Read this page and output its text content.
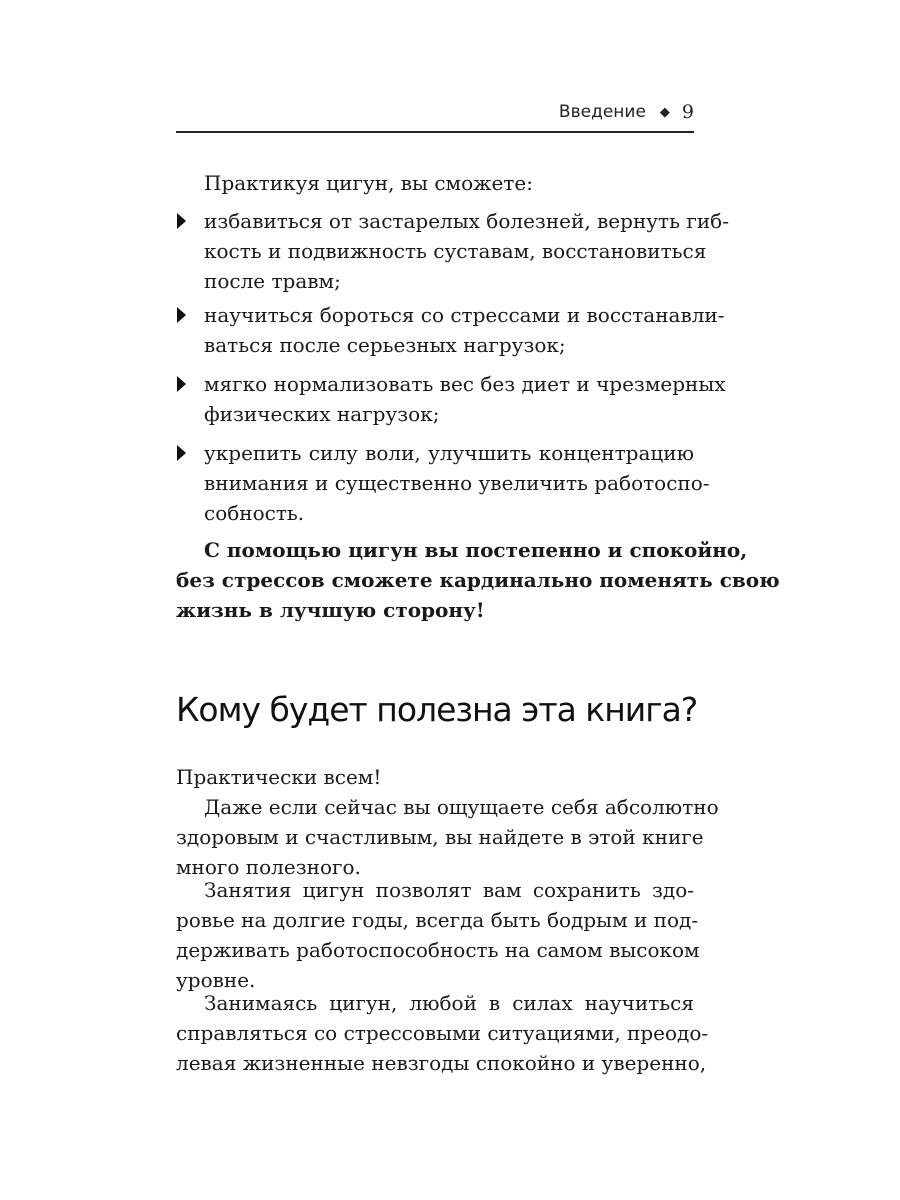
Введение ◆ 9

Практикуя цигун, вы сможете:

избавиться от застарелых болезней, вернуть гиб-
кость и подвижность суставам, восстановиться
после травм;

научиться бороться со стрессами и восстанавли-
ваться после серьезных нагрузок;

мягко нормализовать вес без диет и чрезмерных
физических нагрузок;

укрепить силу воли, улучшить концентрацию
внимания и существенно увеличить работоспо-
собность.

С помощью цигун вы постепенно и спокойно,
без стрессов сможете кардинально поменять свою
жизнь в лучшую сторону!

Кому будет полезна эта книга?

Практически всем!

Даже если сейчас вы ощущаете себя абсолютно
здоровым и счастливым, вы найдете в этой книге
много полезного.

Занятия цигун позволят вам сохранить здо-
ровье на долгие годы, всегда быть бодрым и под-
держивать работоспособность на самом высоком
уровне.

Занимаясь цигун, любой в силах научиться
справляться со стрессовыми ситуациями, преодо-
левая жизненные невзгоды спокойно и уверенно,
